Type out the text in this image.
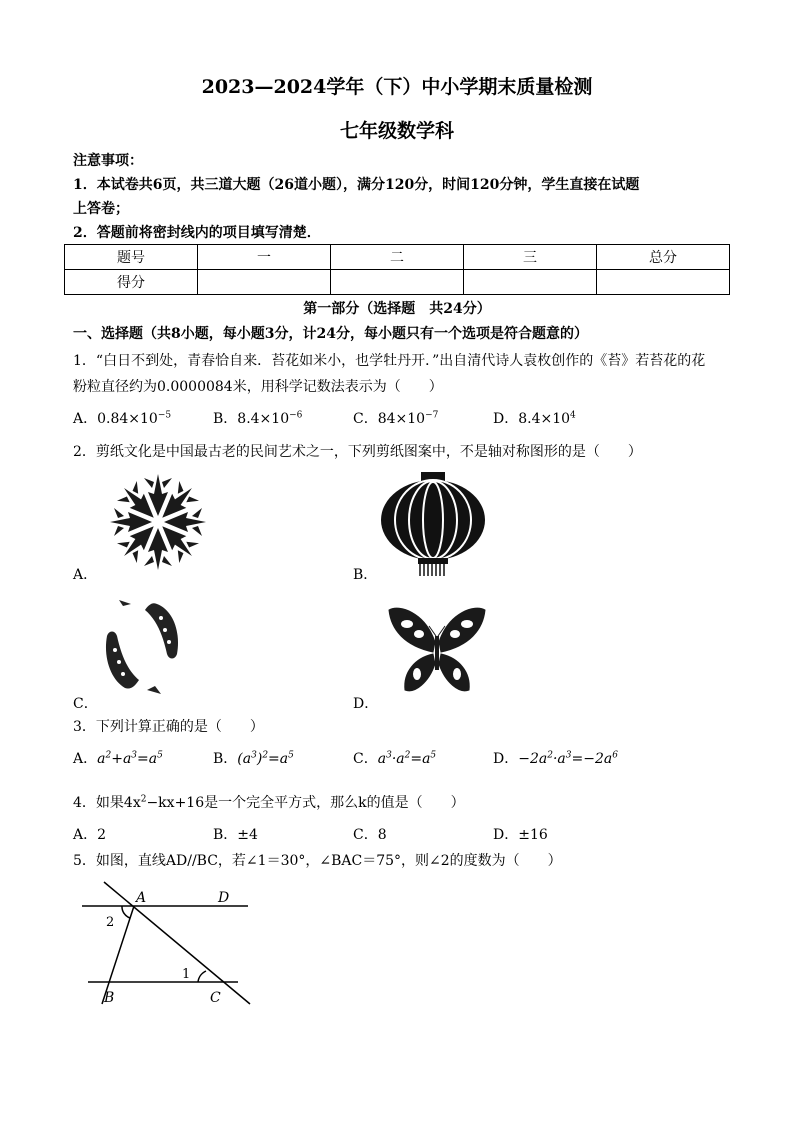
2023—2024学年（下）中小学期末质量检测
七年级数学科
注意事项：
1．本试卷共6页，共三道大题（26道小题），满分120分，时间120分钟，学生直接在试题
上答卷；
2．答题前将密封线内的项目填写清楚．
题号	一	二	三	总分
得分				
第一部分（选择题　共24分）
一、选择题（共8小题，每小题3分，计24分，每小题只有一个选项是符合题意的）
1．“白日不到处，青春恰自来．苔花如米小，也学牡丹开．”出自清代诗人袁枚创作的《苔》若苔花的花
粉粒直径约为0.0000084米，用科学记数法表示为（　　）
A．$0.84\times 10^{-5}$	B．$8.4\times 10^{-6}$	C．$84\times 10^{-7}$	D．$8.4\times 10^4$
2．剪纸文化是中国最古老的民间艺术之一，下列剪纸图案中，不是轴对称图形的是（　　）
A．	B．
C．	D．
3．下列计算正确的是（　　）
A．$a^2+a^3=a^5$	B．$(a^3)^2=a^5$	C．$a^3\cdot a^2=a^5$	D．$-2a^2\cdot a^3=-2a^6$
4．如果$4x^2-kx+16$是一个完全平方式，那么k的值是（　　）
A．2	B．±4	C．8	D．±16
5．如图，直线AD//BC，若∠1＝30°，∠BAC＝75°，则∠2的度数为（　　）
A	D
B	C
2
1
